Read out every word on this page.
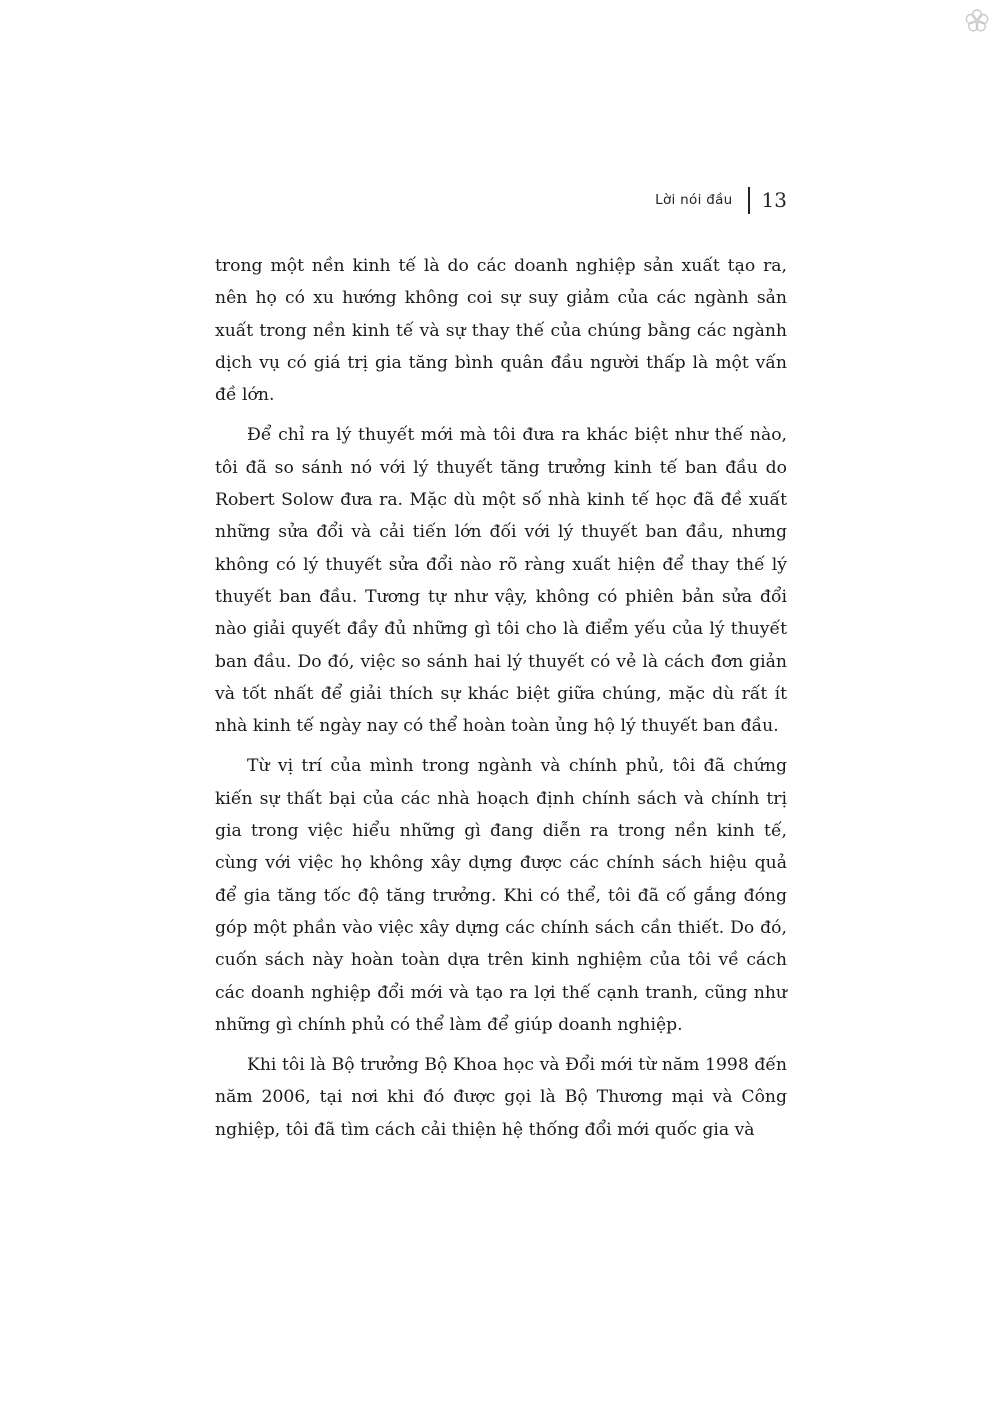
Lời nói đầu 13

trong một nền kinh tế là do các doanh nghiệp sản xuất tạo ra, nên họ có xu hướng không coi sự suy giảm của các ngành sản xuất trong nền kinh tế và sự thay thế của chúng bằng các ngành dịch vụ có giá trị gia tăng bình quân đầu người thấp là một vấn đề lớn.

Để chỉ ra lý thuyết mới mà tôi đưa ra khác biệt như thế nào, tôi đã so sánh nó với lý thuyết tăng trưởng kinh tế ban đầu do Robert Solow đưa ra. Mặc dù một số nhà kinh tế học đã đề xuất những sửa đổi và cải tiến lớn đối với lý thuyết ban đầu, nhưng không có lý thuyết sửa đổi nào rõ ràng xuất hiện để thay thế lý thuyết ban đầu. Tương tự như vậy, không có phiên bản sửa đổi nào giải quyết đầy đủ những gì tôi cho là điểm yếu của lý thuyết ban đầu. Do đó, việc so sánh hai lý thuyết có vẻ là cách đơn giản và tốt nhất để giải thích sự khác biệt giữa chúng, mặc dù rất ít nhà kinh tế ngày nay có thể hoàn toàn ủng hộ lý thuyết ban đầu.

Từ vị trí của mình trong ngành và chính phủ, tôi đã chứng kiến sự thất bại của các nhà hoạch định chính sách và chính trị gia trong việc hiểu những gì đang diễn ra trong nền kinh tế, cùng với việc họ không xây dựng được các chính sách hiệu quả để gia tăng tốc độ tăng trưởng. Khi có thể, tôi đã cố gắng đóng góp một phần vào việc xây dựng các chính sách cần thiết. Do đó, cuốn sách này hoàn toàn dựa trên kinh nghiệm của tôi về cách các doanh nghiệp đổi mới và tạo ra lợi thế cạnh tranh, cũng như những gì chính phủ có thể làm để giúp doanh nghiệp.

Khi tôi là Bộ trưởng Bộ Khoa học và Đổi mới từ năm 1998 đến năm 2006, tại nơi khi đó được gọi là Bộ Thương mại và Công nghiệp, tôi đã tìm cách cải thiện hệ thống đổi mới quốc gia và
